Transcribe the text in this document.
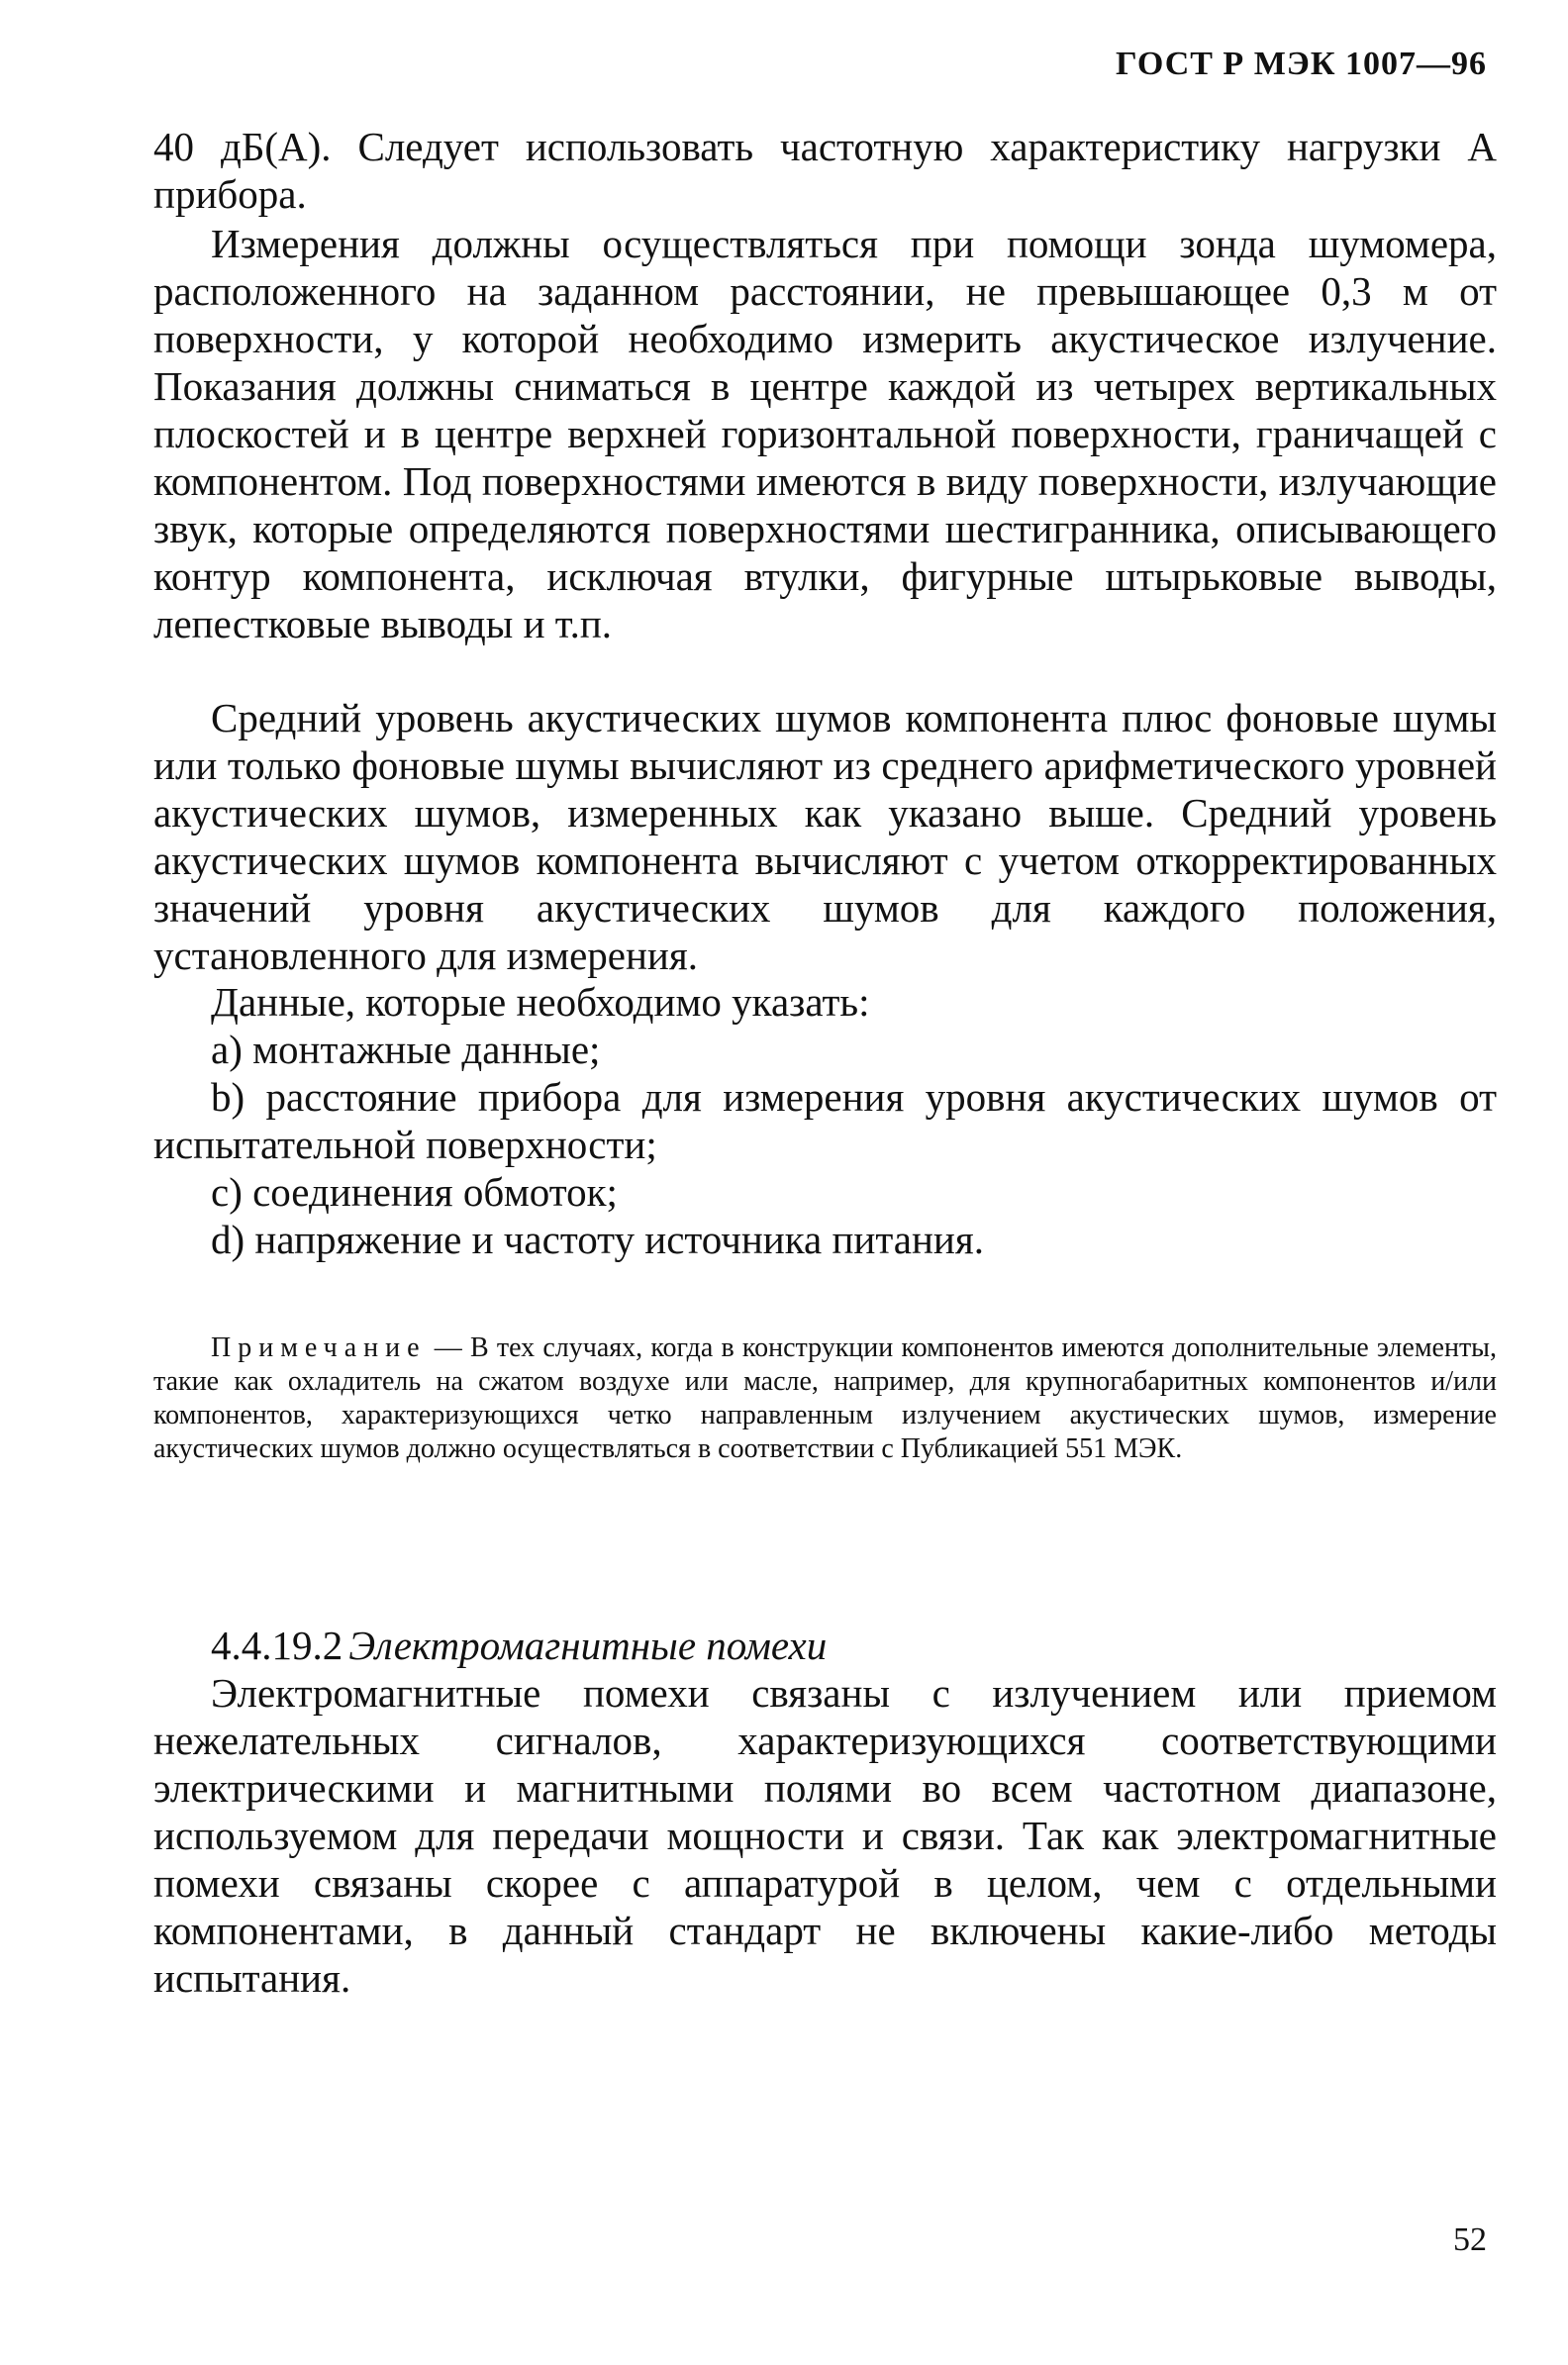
ГОСТ Р МЭК 1007—96

40 дБ(А). Следует использовать частотную характеристику нагрузки А прибора.

Измерения должны осуществляться при помощи зонда шумомера, расположенного на заданном расстоянии, не превышающее 0,3 м от поверхности, у которой необходимо измерить акустическое излучение. Показания должны сниматься в центре каждой из четырех вертикальных плоскостей и в центре верхней горизонтальной поверхности, граничащей с компонентом. Под поверхностями имеются в виду поверхности, излучающие звук, которые определяются поверхностями шестигранника, описывающего контур компонента, исключая втулки, фигурные штырьковые выводы, лепестковые выводы и т.п.

Средний уровень акустических шумов компонента плюс фоновые шумы или только фоновые шумы вычисляют из среднего арифметического уровней акустических шумов, измеренных как указано выше. Средний уровень акустических шумов компонента вычисляют с учетом откорректированных значений уровня акустических шумов для каждого положения, установленного для измерения.

Данные, которые необходимо указать:

a) монтажные данные;

b) расстояние прибора для измерения уровня акустических шумов от испытательной поверхности;

c) соединения обмоток;

d) напряжение и частоту источника питания.

Примечание — В тех случаях, когда в конструкции компонентов имеются дополнительные элементы, такие как охладитель на сжатом воздухе или масле, например, для крупногабаритных компонентов и/или компонентов, характеризующихся четко направленным излучением акустических шумов, измерение акустических шумов должно осуществляться в соответствии с Публикацией 551 МЭК.

4.4.19.2 Электромагнитные помехи

Электромагнитные помехи связаны с излучением или приемом нежелательных сигналов, характеризующихся соответствующими электрическими и магнитными полями во всем частотном диапазоне, используемом для передачи мощности и связи. Так как электромагнитные помехи связаны скорее с аппаратурой в целом, чем с отдельными компонентами, в данный стандарт не включены какие-либо методы испытания.

52
